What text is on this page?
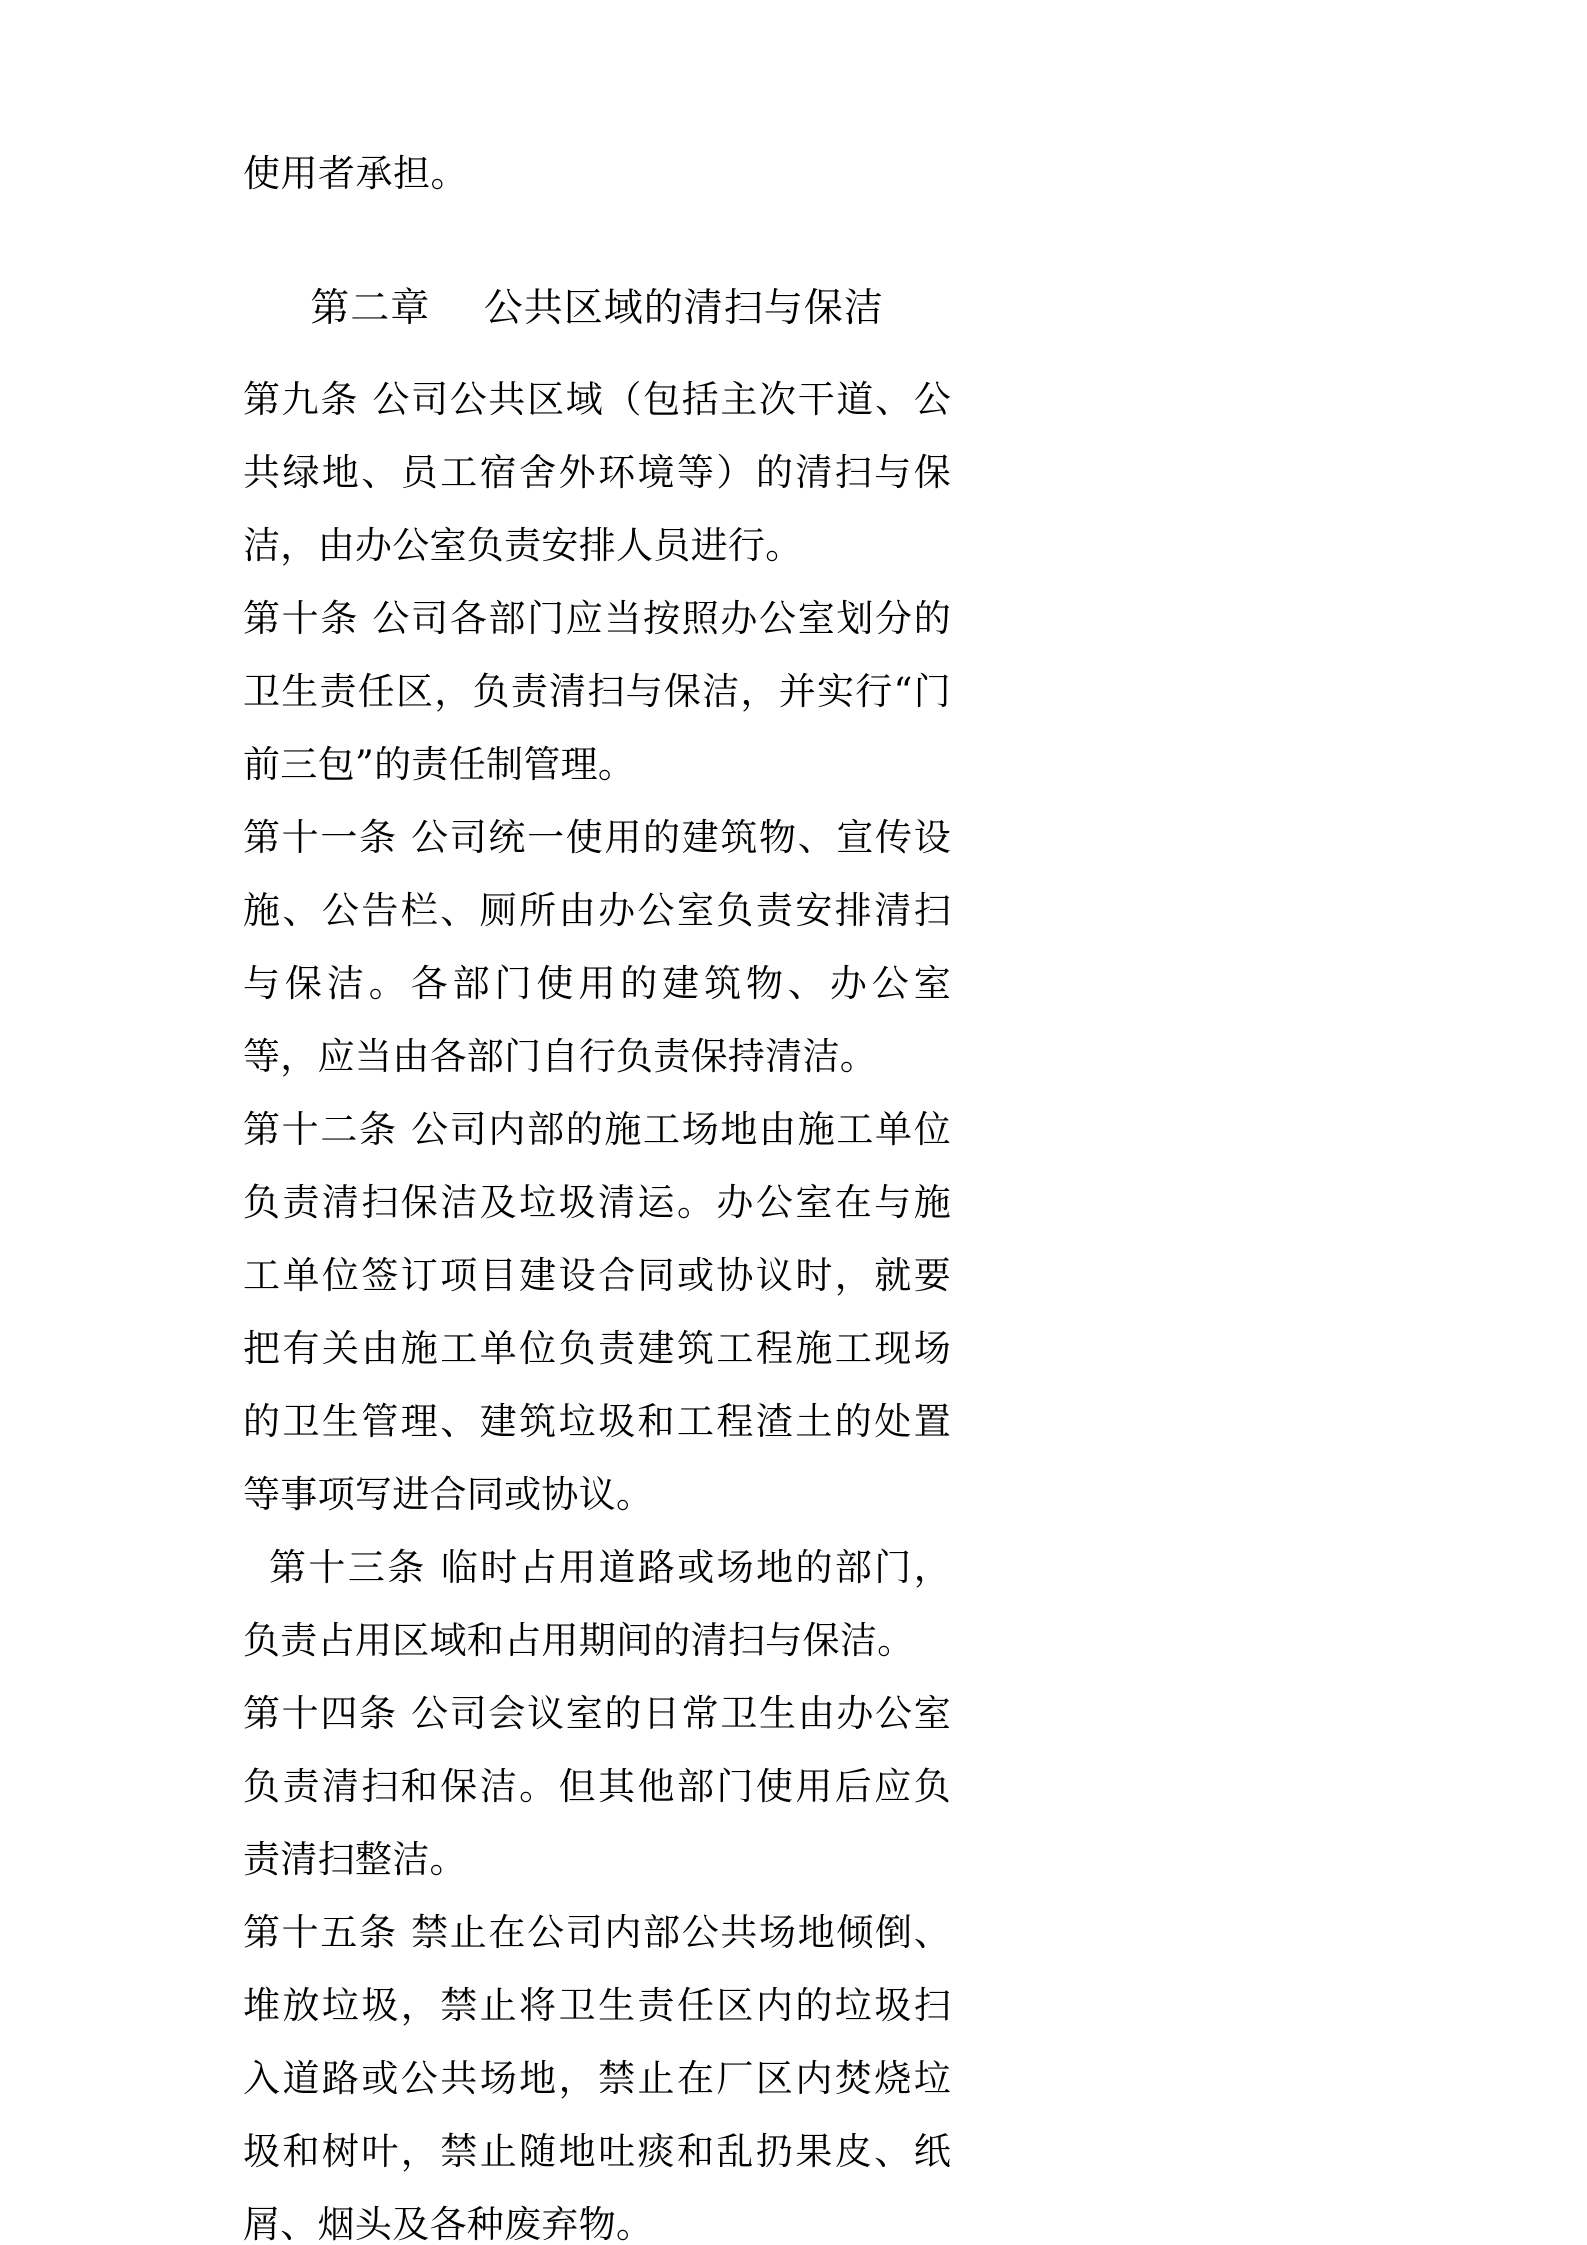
使用者承担。

第二章    公共区域的清扫与保洁

第九条 公司公共区域（包括主次干道、公共绿地、员工宿舍外环境等）的清扫与保洁，由办公室负责安排人员进行。

第十条 公司各部门应当按照办公室划分的卫生责任区，负责清扫与保洁，并实行“门前三包”的责任制管理。

第十一条 公司统一使用的建筑物、宣传设施、公告栏、厕所由办公室负责安排清扫与保洁。各部门使用的建筑物、办公室等，应当由各部门自行负责保持清洁。

第十二条 公司内部的施工场地由施工单位负责清扫保洁及垃圾清运。办公室在与施工单位签订项目建设合同或协议时，就要把有关由施工单位负责建筑工程施工现场的卫生管理、建筑垃圾和工程渣土的处置等事项写进合同或协议。

第十三条 临时占用道路或场地的部门，负责占用区域和占用期间的清扫与保洁。

第十四条 公司会议室的日常卫生由办公室负责清扫和保洁。但其他部门使用后应负责清扫整洁。

第十五条 禁止在公司内部公共场地倾倒、堆放垃圾，禁止将卫生责任区内的垃圾扫入道路或公共场地，禁止在厂区内焚烧垃圾和树叶，禁止随地吐痰和乱扔果皮、纸屑、烟头及各种废弃物。
